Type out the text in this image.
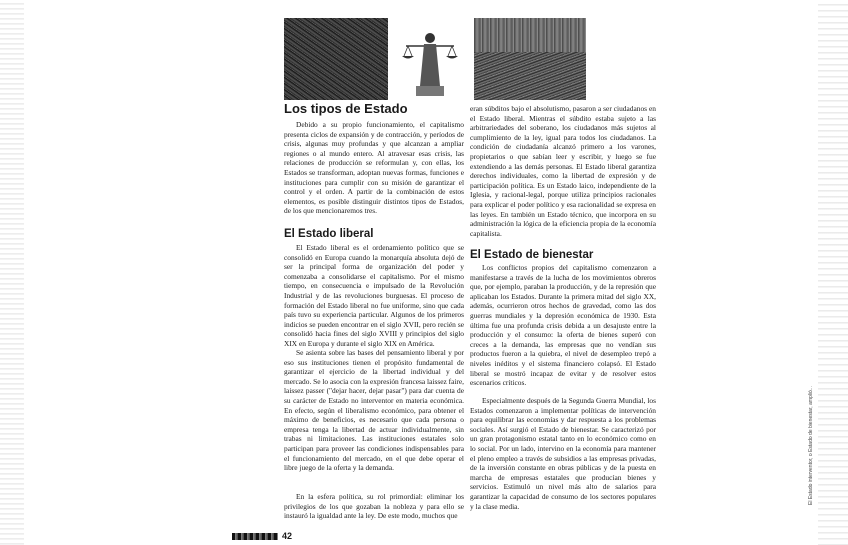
Los tipos de Estado

Debido a su propio funcionamiento, el capitalismo presenta ciclos de expansión y de contracción, y períodos de crisis, algunas muy profundas y que alcanzan a ampliar regiones o al mundo entero. Al atravesar esas crisis, las relaciones de producción se reformulan y, con ellas, los Estados se transforman, adoptan nuevas formas, funciones e instituciones para cumplir con su misión de garantizar el control y el orden. A partir de la combinación de estos elementos, es posible distinguir distintos tipos de Estados, de los que mencionaremos tres.

El Estado liberal

El Estado liberal es el ordenamiento político que se consolidó en Europa cuando la monarquía absoluta dejó de ser la principal forma de organización del poder y comenzaba a consolidarse el capitalismo. Por el mismo tiempo, en consecuencia e impulsado de la Revolución Industrial y de las revoluciones burguesas. El proceso de formación del Estado liberal no fue uniforme, sino que cada país tuvo su experiencia particular. Algunos de los primeros indicios se pueden encontrar en el siglo XVII, pero recién se consolidó hacia fines del siglo XVIII y principios del siglo XIX en Europa y durante el siglo XIX en América.

Se asienta sobre las bases del pensamiento liberal y por eso sus instituciones tienen el propósito fundamental de garantizar el ejercicio de la libertad individual y del mercado. Se lo asocia con la expresión francesa laissez faire, laissez passer ("dejar hacer, dejar pasar") para dar cuenta de su carácter de Estado no interventor en materia económica. En efecto, según el liberalismo económico, para obtener el máximo de beneficios, es necesario que cada persona o empresa tenga la libertad de actuar individualmente, sin trabas ni limitaciones. Las instituciones estatales solo participan para proveer las condiciones indispensables para el funcionamiento del mercado, en el que debe operar el libre juego de la oferta y la demanda.

En la esfera política, su rol primordial: eliminar los privilegios de los que gozaban la nobleza y para ello se instauró la igualdad ante la ley. De este modo, muchos que

eran súbditos bajo el absolutismo, pasaron a ser ciudadanos en el Estado liberal. Mientras el súbdito estaba sujeto a las arbitrariedades del soberano, los ciudadanos más sujetos al cumplimiento de la ley, igual para todos los ciudadanos. La condición de ciudadanía alcanzó primero a los varones, propietarios o que sabían leer y escribir, y luego se fue extendiendo a las demás personas. El Estado liberal garantiza derechos individuales, como la libertad de expresión y de participación política. Es un Estado laico, independiente de la Iglesia, y racional-legal, porque utiliza principios racionales para explicar el poder político y esa racionalidad se expresa en las leyes. En también un Estado técnico, que incorpora en su administración la lógica de la eficiencia propia de la economía capitalista.

El Estado de bienestar

Los conflictos propios del capitalismo comenzaron a manifestarse a través de la lucha de los movimientos obreros que, por ejemplo, paraban la producción, y de la represión que aplicaban los Estados. Durante la primera mitad del siglo XX, además, ocurrieron otros hechos de gravedad, como las dos guerras mundiales y la depresión económica de 1930. Esta última fue una profunda crisis debida a un desajuste entre la producción y el consumo: la oferta de bienes superó con creces a la demanda, las empresas que no vendían sus productos fueron a la quiebra, el nivel de desempleo trepó a niveles inéditos y el sistema financiero colapsó. El Estado liberal se mostró incapaz de evitar y de resolver estos escenarios críticos.

Especialmente después de la Segunda Guerra Mundial, los Estados comenzaron a implementar políticas de intervención para equilibrar las economías y dar respuesta a los problemas sociales. Así surgió el Estado de bienestar. Se caracterizó por un gran protagonismo estatal tanto en lo económico como en lo social. Por un lado, intervino en la economía para mantener el pleno empleo a través de subsidios a las empresas privadas, de la inversión constante en obras públicas y de la puesta en marcha de empresas estatales que producían bienes y servicios. Estimuló un nivel más alto de salarios para garantizar la capacidad de consumo de los sectores populares y la clase media.

42
El Estado interventor, o Estado de bienestar, amplió...
